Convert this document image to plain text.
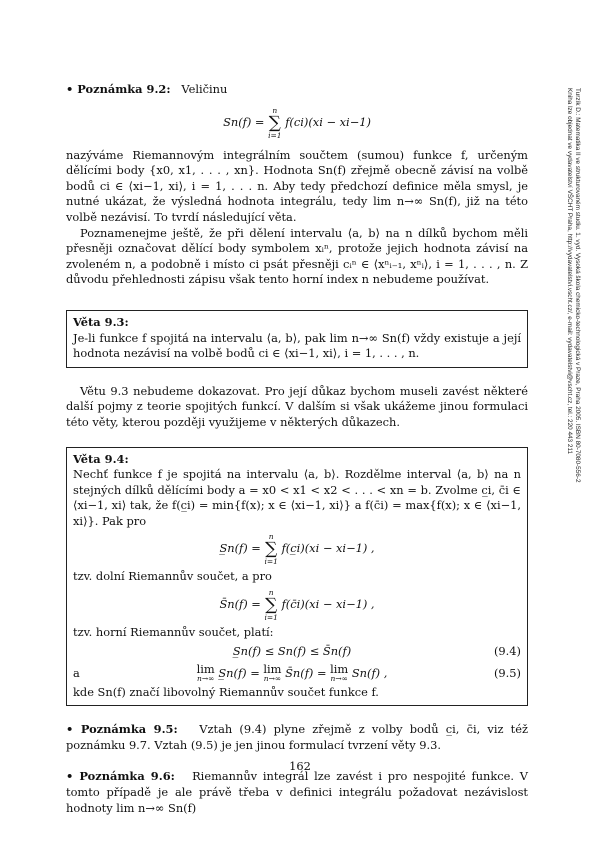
Turzík D.: Matematika II ve strukturovaném studiu. 1. vyd. Vysoká škola chemicko-technologická v Praze, Praha 2005. ISBN 80-7080-556-2
Kniha lze objednat ve vydavatelství VŠCHT Praha, http://vydavatelstvi.vscht.cz/, e-mail: vydavatelstvi@vscht.cz, tel.: 220 443 211

• Poznámka 9.2: Veličinu

Sn(f) =
n
∑
i=1
f(ci)(xi − xi−1)

nazýváme Riemannovým integrálním součtem (sumou) funkce f, určeným dělícími body {x0, x1, . . . , xn}. Hodnota Sn(f) zřejmě obecně závisí na volbě bodů ci ∈ ⟨xi−1, xi⟩, i = 1, . . . n. Aby tedy předchozí definice měla smysl, je nutné ukázat, že výsledná hodnota integrálu, tedy lim n→∞ Sn(f), již na této volbě nezávisí. To tvrdí následující věta.

Poznamenejme ještě, že při dělení intervalu ⟨a, b⟩ na n dílků bychom měli přesněji označovat dělící body symbolem xᵢⁿ, protože jejich hodnota závisí na zvoleném n, a podobně i místo ci psát přesněji cᵢⁿ ∈ ⟨xⁿᵢ₋₁, xⁿᵢ⟩, i = 1, . . . , n. Z důvodu přehlednosti zápisu však tento horní index n nebudeme používat.

Věta 9.3:

Je-li funkce f spojitá na intervalu ⟨a, b⟩, pak lim n→∞ Sn(f) vždy existuje a její hodnota nezávisí na volbě bodů ci ∈ ⟨xi−1, xi⟩, i = 1, . . . , n.

Větu 9.3 nebudeme dokazovat. Pro její důkaz bychom museli zavést některé další pojmy z teorie spojitých funkcí. V dalším si však ukážeme jinou formulaci této věty, kterou později využijeme v některých důkazech.

Věta 9.4:

Nechť funkce f je spojitá na intervalu ⟨a, b⟩. Rozdělme interval ⟨a, b⟩ na n stejných dílků dělícími body a = x0 < x1 < x2 < . . . < xn = b. Zvolme c̲i, c̄i ∈ ⟨xi−1, xi⟩ tak, že f(c̲i) = min{f(x); x ∈ ⟨xi−1, xi⟩} a f(c̄i) = max{f(x); x ∈ ⟨xi−1, xi⟩}. Pak pro

S̲n(f) =
n
∑
i=1
f(c̲i)(xi − xi−1) ,

tzv. dolní Riemannův součet, a pro

S̄n(f) =
n
∑
i=1
f(c̄i)(xi − xi−1) ,

tzv. horní Riemannův součet, platí:

S̲n(f) ≤ Sn(f) ≤ S̄n(f)	(9.4)
a	lim
n→∞ S̲n(f) = lim
n→∞ S̄n(f) = lim
n→∞ Sn(f) ,	(9.5)

kde Sn(f) značí libovolný Riemannův součet funkce f.

• Poznámka 9.5: Vztah (9.4) plyne zřejmě z volby bodů c̲i, c̄i, viz též poznámku 9.7. Vztah (9.5) je jen jinou formulací tvrzení věty 9.3.

• Poznámka 9.6: Riemannův integrál lze zavést i pro nespojité funkce. V tomto případě je ale právě třeba v definici integrálu požadovat nezávislost hodnoty lim n→∞ Sn(f)

162
